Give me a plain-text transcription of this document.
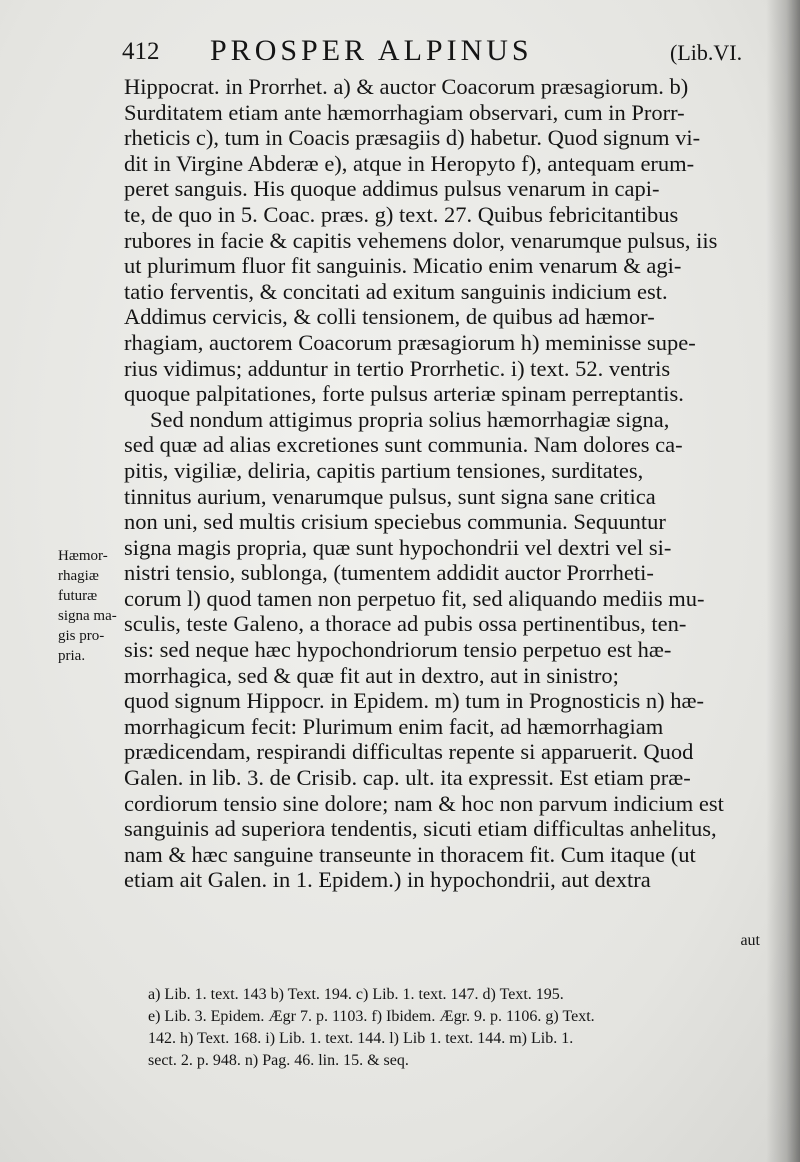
412 PROSPER ALPINUS	(Lib.VI.
Hæmor-
rhagiæ
futuræ
signa ma-
gis pro-
pria.
Hippocrat. in Prorrhet. a) & auctor Coacorum præsagiorum. b)
Surditatem etiam ante hæmorrhagiam observari, cum in Prorr-
rheticis c), tum in Coacis præsagiis d) habetur. Quod signum vi-
dit in Virgine Abderæ e), atque in Heropyto f), antequam erum-
peret sanguis. His quoque addimus pulsus venarum in capi-
te, de quo in 5. Coac. præs. g) text. 27. Quibus febricitantibus
rubores in facie & capitis vehemens dolor, venarumque pulsus, iis
ut plurimum fluor fit sanguinis. Micatio enim venarum & agi-
tatio ferventis, & concitati ad exitum sanguinis indicium est.
Addimus cervicis, & colli tensionem, de quibus ad hæmor-
rhagiam, auctorem Coacorum præsagiorum h) meminisse supe-
rius vidimus; adduntur in tertio Prorrhetic. i) text. 52. ventris
quoque palpitationes, forte pulsus arteriæ spinam perreptantis.
Sed nondum attigimus propria solius hæmorrhagiæ signa,
sed quæ ad alias excretiones sunt communia. Nam dolores ca-
pitis, vigiliæ, deliria, capitis partium tensiones, surditates,
tinnitus aurium, venarumque pulsus, sunt signa sane critica
non uni, sed multis crisium speciebus communia. Sequuntur
signa magis propria, quæ sunt hypochondrii vel dextri vel si-
nistri tensio, sublonga, (tumentem addidit auctor Prorrheti-
corum l) quod tamen non perpetuo fit, sed aliquando mediis mu-
sculis, teste Galeno, a thorace ad pubis ossa pertinentibus, ten-
sis: sed neque hæc hypochondriorum tensio perpetuo est hæ-
morrhagica, sed & quæ fit aut in dextro, aut in sinistro;
quod signum Hippocr. in Epidem. m) tum in Prognosticis n) hæ-
morrhagicum fecit: Plurimum enim facit, ad hæmorrhagiam
prædicendam, respirandi difficultas repente si apparuerit. Quod
Galen. in lib. 3. de Crisib. cap. ult. ita expressit. Est etiam præ-
cordiorum tensio sine dolore; nam & hoc non parvum indicium est
sanguinis ad superiora tendentis, sicuti etiam difficultas anhelitus,
nam & hæc sanguine transeunte in thoracem fit. Cum itaque (ut
etiam ait Galen. in 1. Epidem.) in hypochondrii, aut dextra
aut
a) Lib. 1. text. 143 b) Text. 194. c) Lib. 1. text. 147. d) Text. 195.
e) Lib. 3. Epidem. Ægr 7. p. 1103. f) Ibidem. Ægr. 9. p. 1106. g) Text.
142. h) Text. 168. i) Lib. 1. text. 144. l) Lib 1. text. 144. m) Lib. 1.
sect. 2. p. 948. n) Pag. 46. lin. 15. & seq.
